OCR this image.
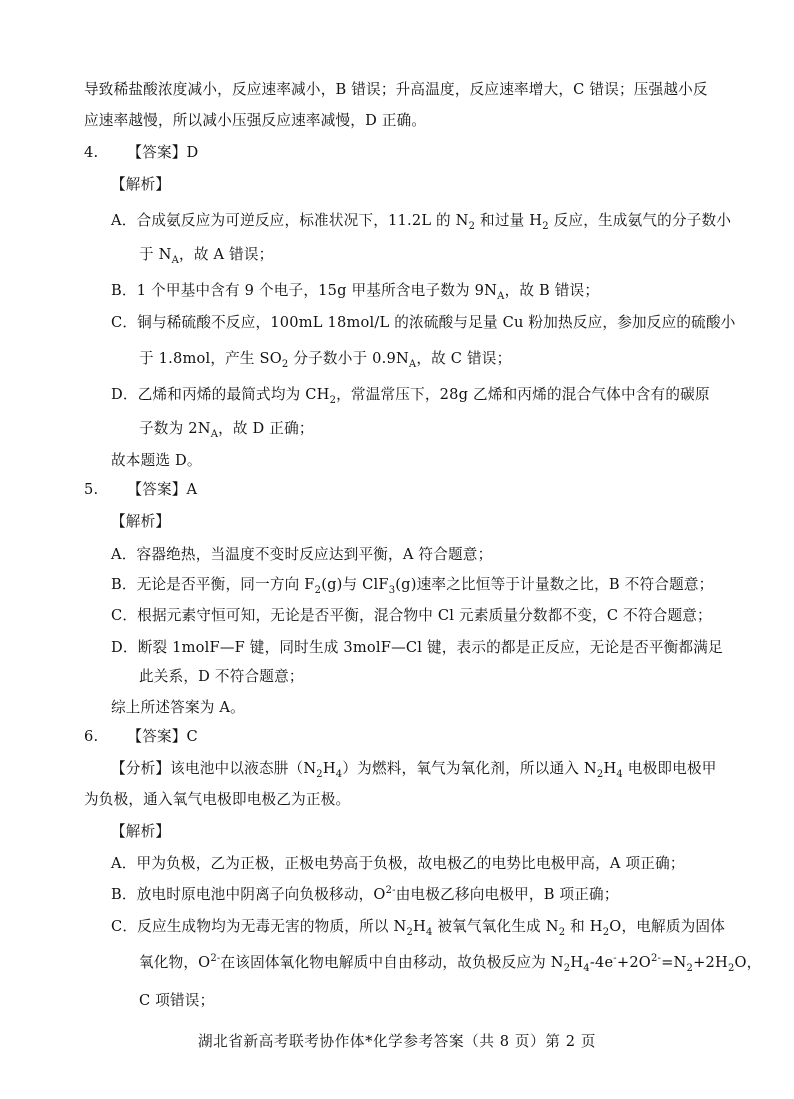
导致稀盐酸浓度减小，反应速率减小，B 错误；升高温度，反应速率增大，C 错误；压强越小反
应速率越慢，所以减小压强反应速率减慢，D 正确。
4.      【答案】D
【解析】
A．合成氨反应为可逆反应，标准状况下，11.2L 的 $N_2$ 和过量 $H_2$ 反应，生成氨气的分子数小
于 $N_A$，故 A 错误；
B．1 个甲基中含有 9 个电子，15g 甲基所含电子数为 $9N_A$，故 B 错误；
C．铜与稀硫酸不反应，100mL 18mol/L 的浓硫酸与足量 Cu 粉加热反应，参加反应的硫酸小
于 1.8mol，产生 $SO_2$ 分子数小于 $0.9N_A$，故 C 错误；
D．乙烯和丙烯的最简式均为 $CH_2$，常温常压下，28g 乙烯和丙烯的混合气体中含有的碳原
子数为 $2N_A$，故 D 正确；
故本题选 D。
5.      【答案】A
【解析】
A．容器绝热，当温度不变时反应达到平衡，A 符合题意；
B．无论是否平衡，同一方向 $F_2(g)$与 ClF$_3$(g)速率之比恒等于计量数之比，B 不符合题意；
C．根据元素守恒可知，无论是否平衡，混合物中 Cl 元素质量分数都不变，C 不符合题意；
D．断裂 1molF—F 键，同时生成 3molF—Cl 键，表示的都是正反应，无论是否平衡都满足
此关系，D 不符合题意；
综上所述答案为 A。
6.      【答案】C
【分析】该电池中以液态肼$(N_2H_4)$为燃料，氧气为氧化剂，所以通入 $N_2H_4$ 电极即电极甲
为负极，通入氧气电极即电极乙为正极。
【解析】
A．甲为负极，乙为正极，正极电势高于负极，故电极乙的电势比电极甲高，A 项正确；
B．放电时原电池中阴离子向负极移动，$O^{2-}$由电极乙移向电极甲，B 项正确；
C．反应生成物均为无毒无害的物质，所以 $N_2H_4$ 被氧气氧化生成 $N_2$ 和 $H_2O$，电解质为固体
氧化物，$O^{2-}$在该固体氧化物电解质中自由移动，故负极反应为 $N_2H_4-4e^-+2O^{2-}=N_2+2H_2O$，
C 项错误；
湖北省新高考联考协作体*化学参考答案（共 8 页）第 2 页
